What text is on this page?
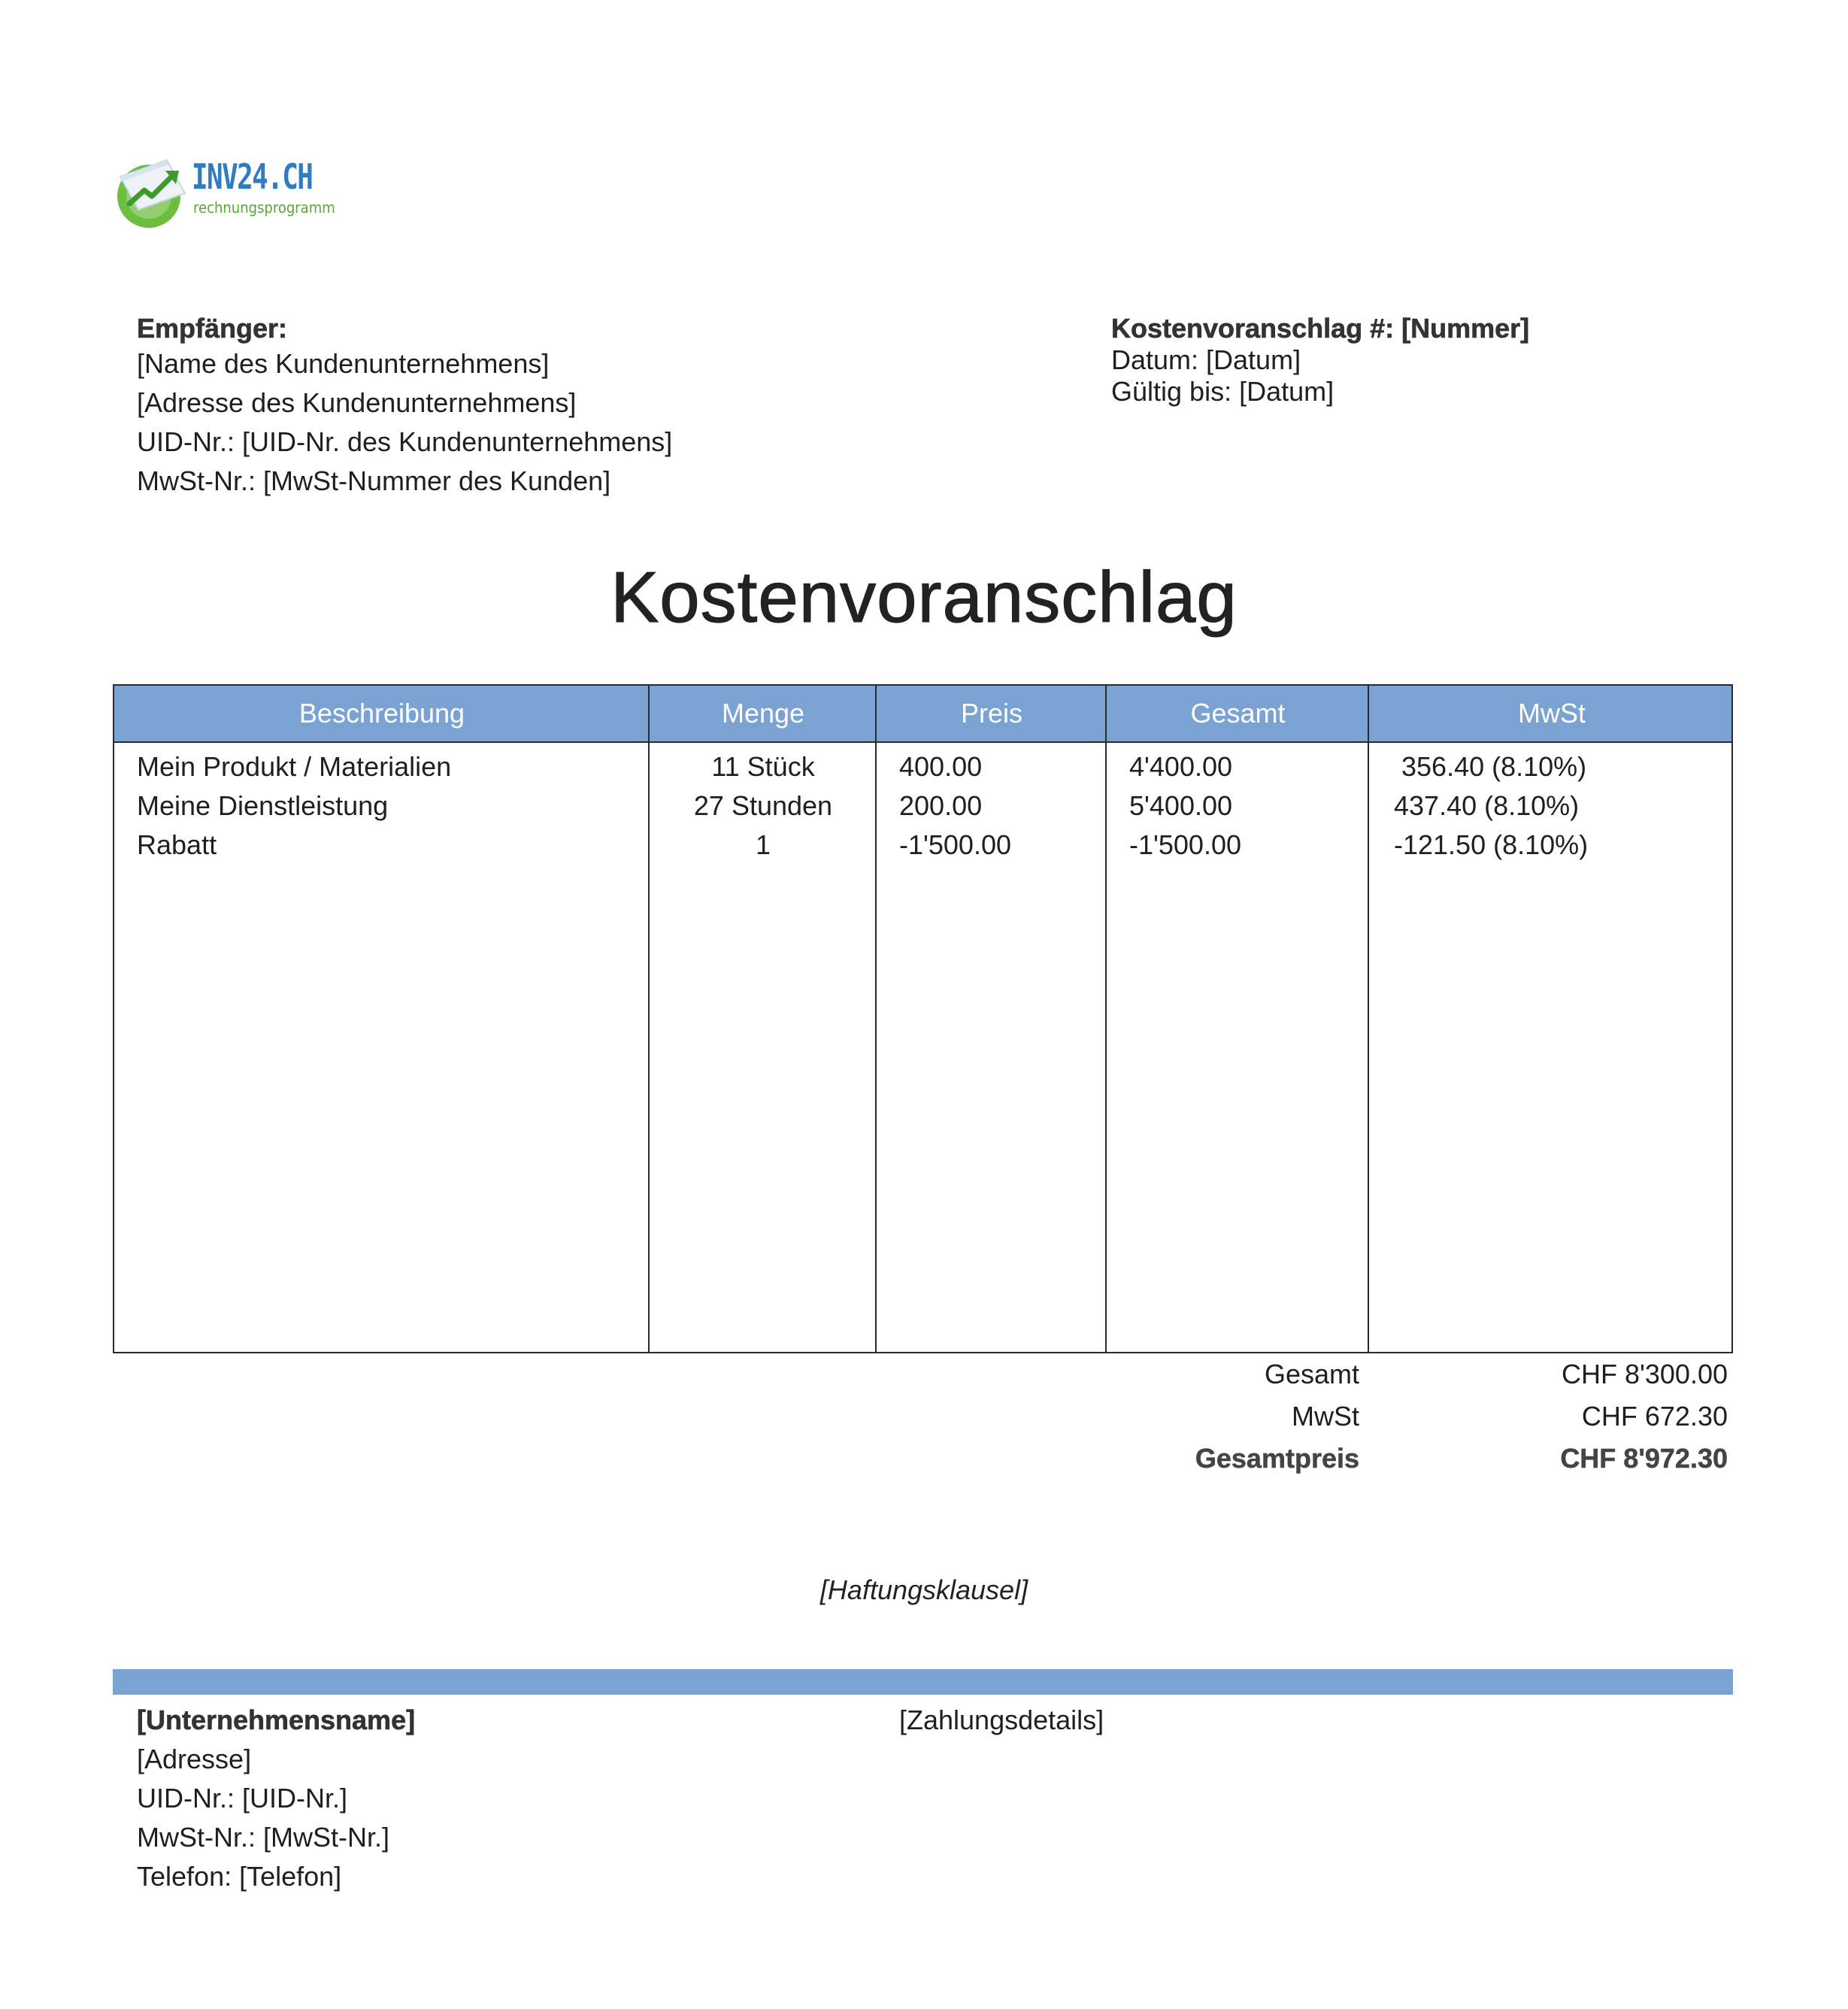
INV24.CH
rechnungsprogramm
Empfänger:
[Name des Kundenunternehmens]
[Adresse des Kundenunternehmens]
UID-Nr.: [UID-Nr. des Kundenunternehmens]
MwSt-Nr.: [MwSt-Nummer des Kunden]
Kostenvoranschlag #: [Nummer]
Datum: [Datum]
Gültig bis: [Datum]
Kostenvoranschlag
Beschreibung	Menge	Preis	Gesamt	MwSt
Mein Produkt / Materialien	11 Stück	400.00	4'400.00	356.40 (8.10%)
Meine Dienstleistung	27 Stunden	200.00	5'400.00	437.40 (8.10%)
Rabatt	1	-1'500.00	-1'500.00	-121.50 (8.10%)
Gesamt	CHF 8'300.00
MwSt	CHF 672.30
Gesamtpreis	CHF 8'972.30
[Haftungsklausel]
[Unternehmensname]
[Adresse]
UID-Nr.: [UID-Nr.]
MwSt-Nr.: [MwSt-Nr.]
Telefon: [Telefon]
[Zahlungsdetails]
